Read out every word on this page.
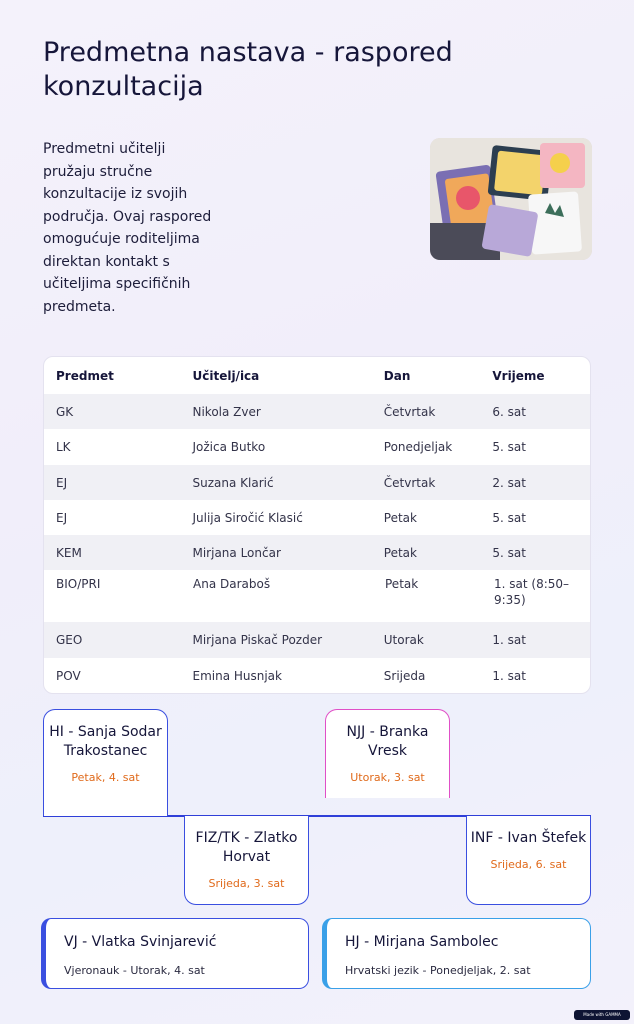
Predmetna nastava - raspored konzultacija

Predmetni učitelji pružaju stručne konzultacije iz svojih područja. Ovaj raspored omogućuje roditeljima direktan kontakt s učiteljima specifičnih predmeta.

Predmet	Učitelj/ica	Dan	Vrijeme
GK	Nikola Zver	Četvrtak	6. sat
LK	Jožica Butko	Ponedjeljak	5. sat
EJ	Suzana Klarić	Četvrtak	2. sat
EJ	Julija Siročić Klasić	Petak	5. sat
KEM	Mirjana Lončar	Petak	5. sat
BIO/PRI	Ana Daraboš	Petak	1. sat (8:50–9:35)
GEO	Mirjana Piskač Pozder	Utorak	1. sat
POV	Emina Husnjak	Srijeda	1. sat
HI - Sanja Sodar Trakostanec
Petak, 4. sat
FIZ/TK - Zlatko Horvat
Srijeda, 3. sat
NJJ - Branka Vresk
Utorak, 3. sat
INF - Ivan Štefek
Srijeda, 6. sat
VJ - Vlatka Svinjarević
Vjeronauk - Utorak, 4. sat
HJ - Mirjana Sambolec
Hrvatski jezik - Ponedjeljak, 2. sat
Made with GAMMA
